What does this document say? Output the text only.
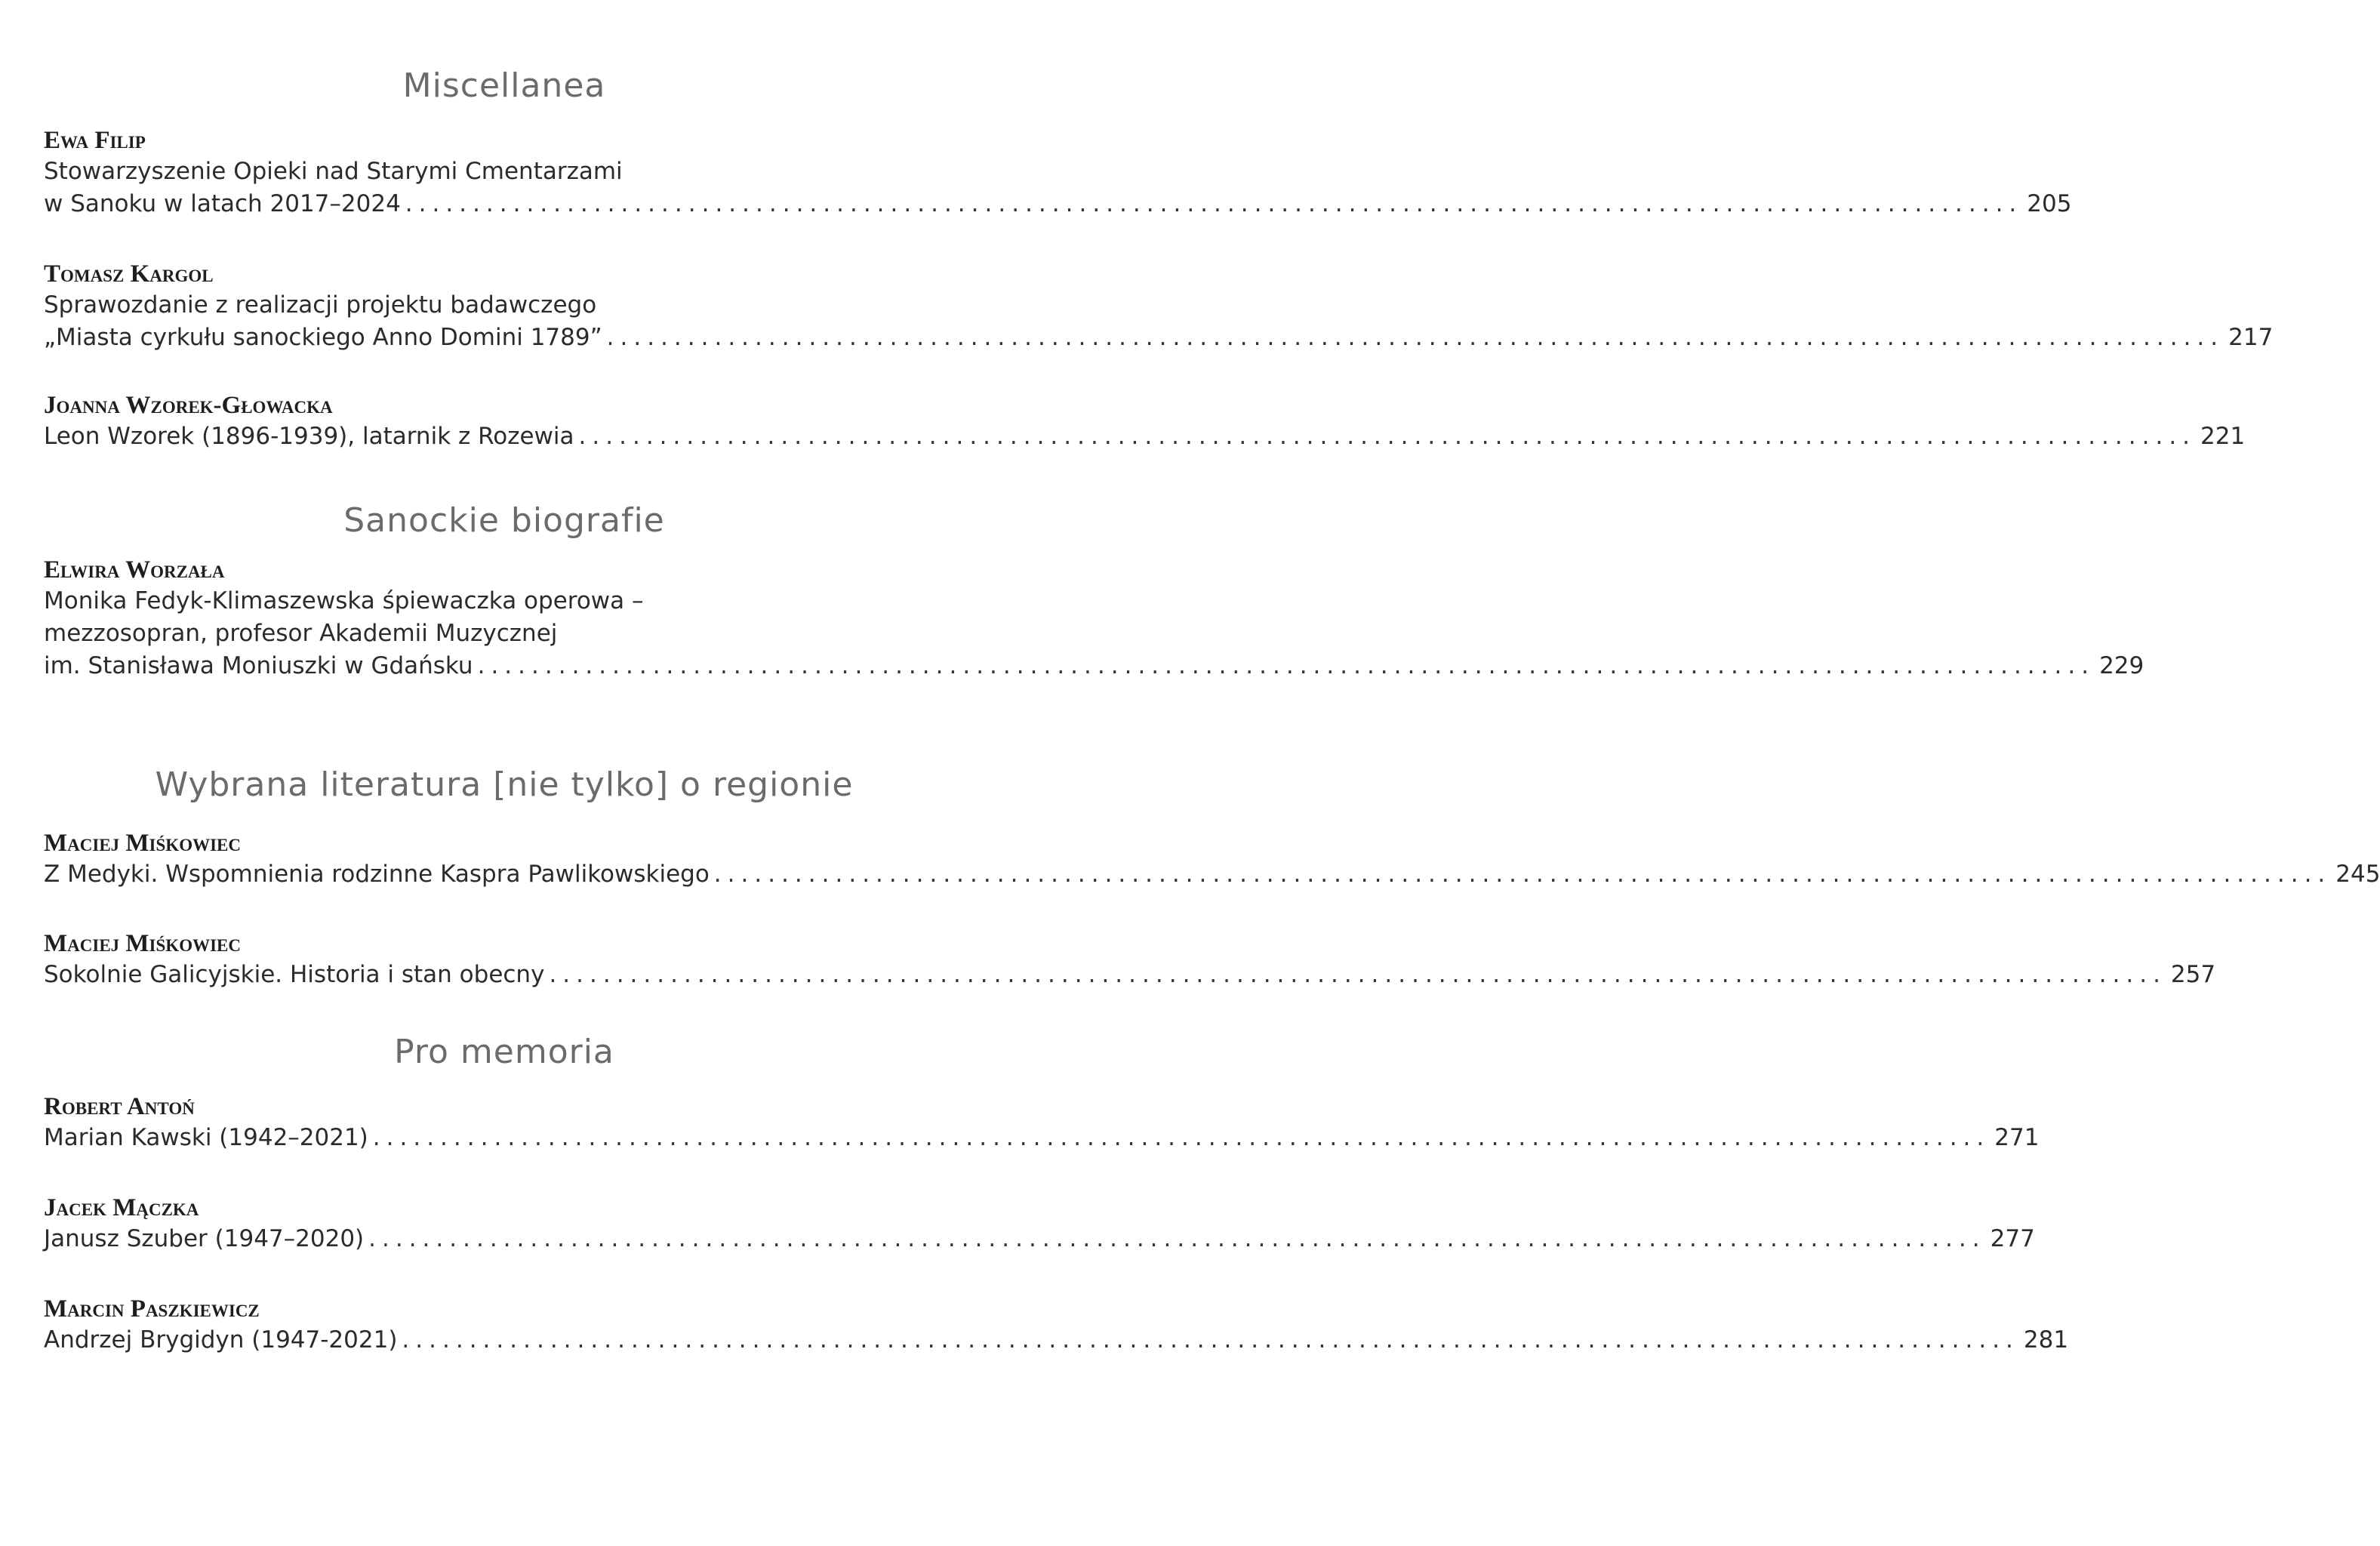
Miscellanea

Ewa Filip

Stowarzyszenie Opieki nad Starymi Cmentarzami

w Sanoku w latach 2017–2024 ........................................................................................................................ 205

Tomasz Kargol

Sprawozdanie z realizacji projektu badawczego

„Miasta cyrkułu sanockiego Anno Domini 1789” ........................................................................................................................ 217

Joanna Wzorek-Głowacka

Leon Wzorek (1896-1939), latarnik z Rozewia ........................................................................................................................ 221
Sanockie biografie

Elwira Worzała

Monika Fedyk-Klimaszewska śpiewaczka operowa –

mezzosopran, profesor Akademii Muzycznej

im. Stanisława Moniuszki w Gdańsku ........................................................................................................................ 229
Wybrana literatura [nie tylko] o regionie

Maciej Miśkowiec

Z Medyki. Wspomnienia rodzinne Kaspra Pawlikowskiego ........................................................................................................................ 245

Maciej Miśkowiec

Sokolnie Galicyjskie. Historia i stan obecny ........................................................................................................................ 257
Pro memoria

Robert Antoń

Marian Kawski (1942–2021) ........................................................................................................................ 271

Jacek Mączka

Janusz Szuber (1947–2020) ........................................................................................................................ 277

Marcin Paszkiewicz

Andrzej Brygidyn (1947-2021) ........................................................................................................................ 281
